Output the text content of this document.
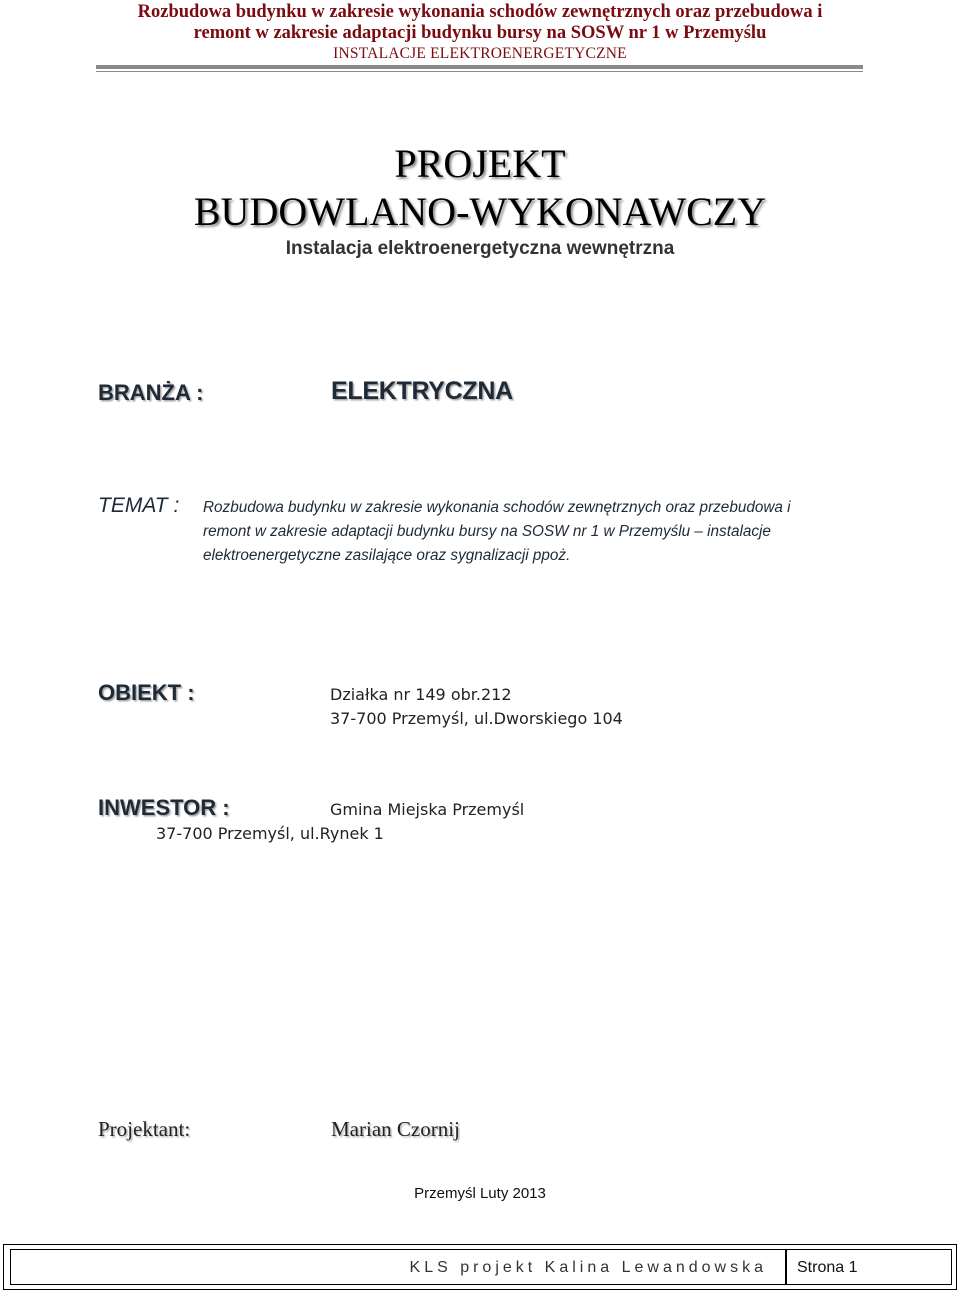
Rozbudowa budynku w zakresie wykonania schodów zewnętrznych oraz przebudowa i
remont w zakresie adaptacji budynku bursy na SOSW nr 1 w Przemyślu
INSTALACJE ELEKTROENERGETYCZNE
PROJEKT
BUDOWLANO-WYKONAWCZY
Instalacja elektroenergetyczna wewnętrzna
BRANŻA :	ELEKTRYCZNA
TEMAT : Rozbudowa budynku w zakresie wykonania schodów zewnętrznych oraz przebudowa i
remont w zakresie adaptacji budynku bursy na SOSW nr 1 w Przemyślu – instalacje
elektroenergetyczne zasilające oraz sygnalizacji ppoż.
OBIEKT :	Działka nr 149 obr.212
37-700 Przemyśl, ul.Dworskiego 104
INWESTOR :	Gmina Miejska Przemyśl
37-700 Przemyśl, ul.Rynek 1
Projektant:	Marian Czornij
Przemyśl Luty 2013
KLS projekt Kalina Lewandowska Strona 1
